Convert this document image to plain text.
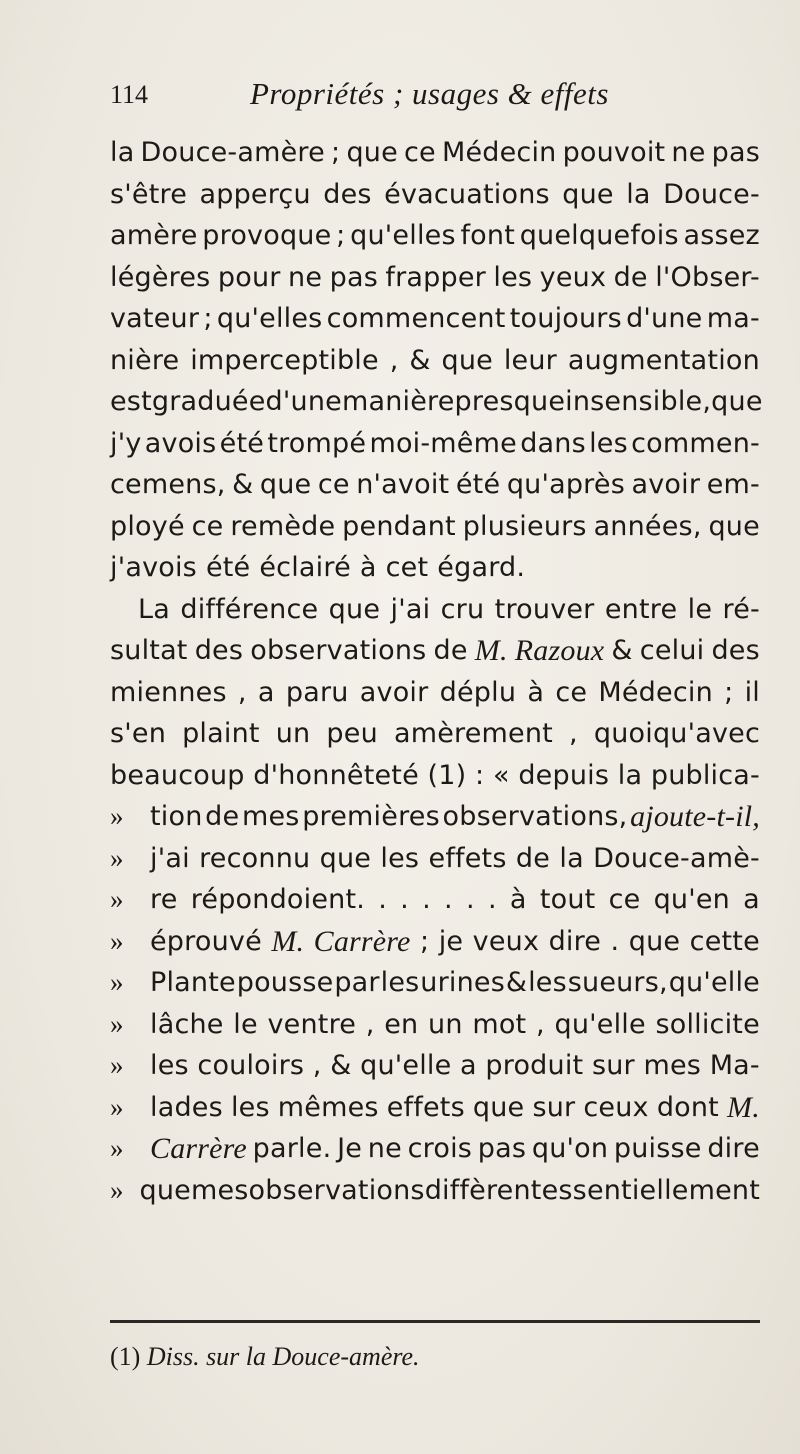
114	Propriétés ; usages & effets
la Douce-amère ; que ce Médecin pouvoit ne pas
s'être apperçu des évacuations que la Douce-
amère provoque ; qu'elles font quelquefois assez
légères pour ne pas frapper les yeux de l'Obser-
vateur ; qu'elles commencent toujours d'une ma-
nière imperceptible , & que leur augmentation
est graduée d'une manière presque insensible , que
j'y avois été trompé moi-même dans les commen-
cemens, & que ce n'avoit été qu'après avoir em-
ployé ce remède pendant plusieurs années, que
j'avois été éclairé à cet égard.
La différence que j'ai cru trouver entre le ré-
sultat des observations de M. Razoux & celui des
miennes , a paru avoir déplu à ce Médecin ; il
s'en plaint un peu amèrement , quoiqu'avec
beaucoup d'honnêteté (1) : « depuis la publica-
» tion de mes premières observations, ajoute-t-il,
» j'ai reconnu que les effets de la Douce-amè-
» re répondoient. . . . . . . à tout ce qu'en a
» éprouvé M. Carrère ; je veux dire . que cette
» Plante pousse par les urines & les sueurs, qu'elle
» lâche le ventre , en un mot , qu'elle sollicite
» les couloirs , & qu'elle a produit sur mes Ma-
» lades les mêmes effets que sur ceux dont M.
» Carrère parle. Je ne crois pas qu'on puisse dire
» que mes observations diffèrent essentiellement
(1) Diss. sur la Douce-amère.
